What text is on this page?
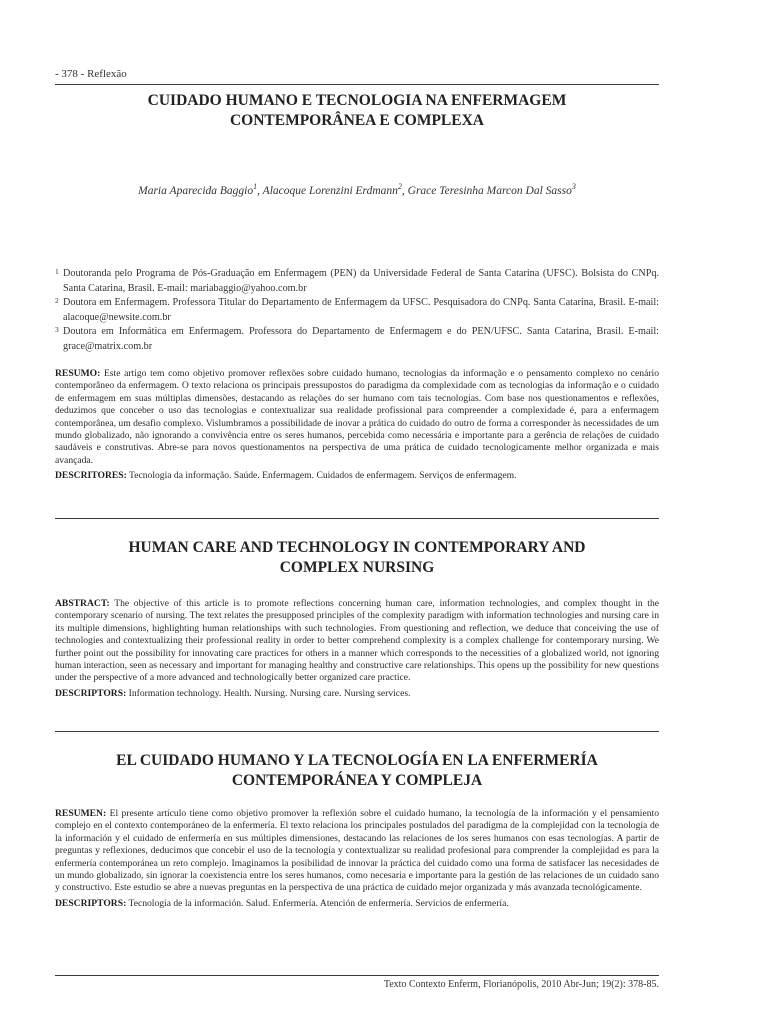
- 378 - Reflexão
CUIDADO HUMANO E TECNOLOGIA NA ENFERMAGEM
CONTEMPORÂNEA E COMPLEXA
Maria Aparecida Baggio$^1$, Alacoque Lorenzini Erdmann$^2$, Grace Teresinha Marcon Dal Sasso$^3$
1 Doutoranda pelo Programa de Pós-Graduação em Enfermagem (PEN) da Universidade Federal de Santa Catarina (UFSC). Bolsista do CNPq. Santa Catarina, Brasil. E-mail: mariabaggio@yahoo.com.br
2 Doutora em Enfermagem. Professora Titular do Departamento de Enfermagem da UFSC. Pesquisadora do CNPq. Santa Catarina, Brasil. E-mail: alacoque@newsite.com.br
3 Doutora em Informática em Enfermagem. Professora do Departamento de Enfermagem e do PEN/UFSC. Santa Catarina, Brasil. E-mail: grace@matrix.com.br
RESUMO: Este artigo tem como objetivo promover reflexões sobre cuidado humano, tecnologias da informação e o pensamento complexo no cenário contemporâneo da enfermagem. O texto relaciona os principais pressupostos do paradigma da complexidade com as tecnologias da informação e o cuidado de enfermagem em suas múltiplas dimensões, destacando as relações do ser humano com tais tecnologias. Com base nos questionamentos e reflexões, deduzimos que conceber o uso das tecnologias e contextualizar sua realidade profissional para compreender a complexidade é, para a enfermagem contemporânea, um desafio complexo. Vislumbramos a possibilidade de inovar a prática do cuidado do outro de forma a corresponder às necessidades de um mundo globalizado, não ignorando a convivência entre os seres humanos, percebida como necessária e importante para a gerência de relações de cuidado saudáveis e construtivas. Abre-se para novos questionamentos na perspectiva de uma prática de cuidado tecnologicamente melhor organizada e mais avançada.
DESCRITORES: Tecnologia da informação. Saúde. Enfermagem. Cuidados de enfermagem. Serviços de enfermagem.
HUMAN CARE AND TECHNOLOGY IN CONTEMPORARY AND
COMPLEX NURSING
ABSTRACT: The objective of this article is to promote reflections concerning human care, information technologies, and complex thought in the contemporary scenario of nursing. The text relates the presupposed principles of the complexity paradigm with information technologies and nursing care in its multiple dimensions, highlighting human relationships with such technologies. From questioning and reflection, we deduce that conceiving the use of technologies and contextualizing their professional reality in order to better comprehend complexity is a complex challenge for contemporary nursing. We further point out the possibility for innovating care practices for others in a manner which corresponds to the necessities of a globalized world, not ignoring human interaction, seen as necessary and important for managing healthy and constructive care relationships. This opens up the possibility for new questions under the perspective of a more advanced and technologically better organized care practice.
DESCRIPTORS: Information technology. Health. Nursing. Nursing care. Nursing services.
EL CUIDADO HUMANO Y LA TECNOLOGÍA EN LA ENFERMERÍA
CONTEMPORÁNEA Y COMPLEJA
RESUMEN: El presente artículo tiene como objetivo promover la reflexión sobre el cuidado humano, la tecnología de la información y el pensamiento complejo en el contexto contemporáneo de la enfermería. El texto relaciona los principales postulados del paradigma de la complejidad con la tecnología de la información y el cuidado de enfermería en sus múltiples dimensiones, destacando las relaciones de los seres humanos con esas tecnologías. A partir de preguntas y reflexiones, deducimos que concebir el uso de la tecnología y contextualizar su realidad profesional para comprender la complejidad es para la enfermería contemporánea un reto complejo. Imaginamos la posibilidad de innovar la práctica del cuidado como una forma de satisfacer las necesidades de un mundo globalizado, sin ignorar la coexistencia entre los seres humanos, como necesaria e importante para la gestión de las relaciones de un cuidado sano y constructivo. Este estudio se abre a nuevas preguntas en la perspectiva de una práctica de cuidado mejor organizada y más avanzada tecnológicamente.
DESCRIPTORS: Tecnología de la información. Salud. Enfermería. Atención de enfermería. Servicios de enfermería.
Texto Contexto Enferm, Florianópolis, 2010 Abr-Jun; 19(2): 378-85.
